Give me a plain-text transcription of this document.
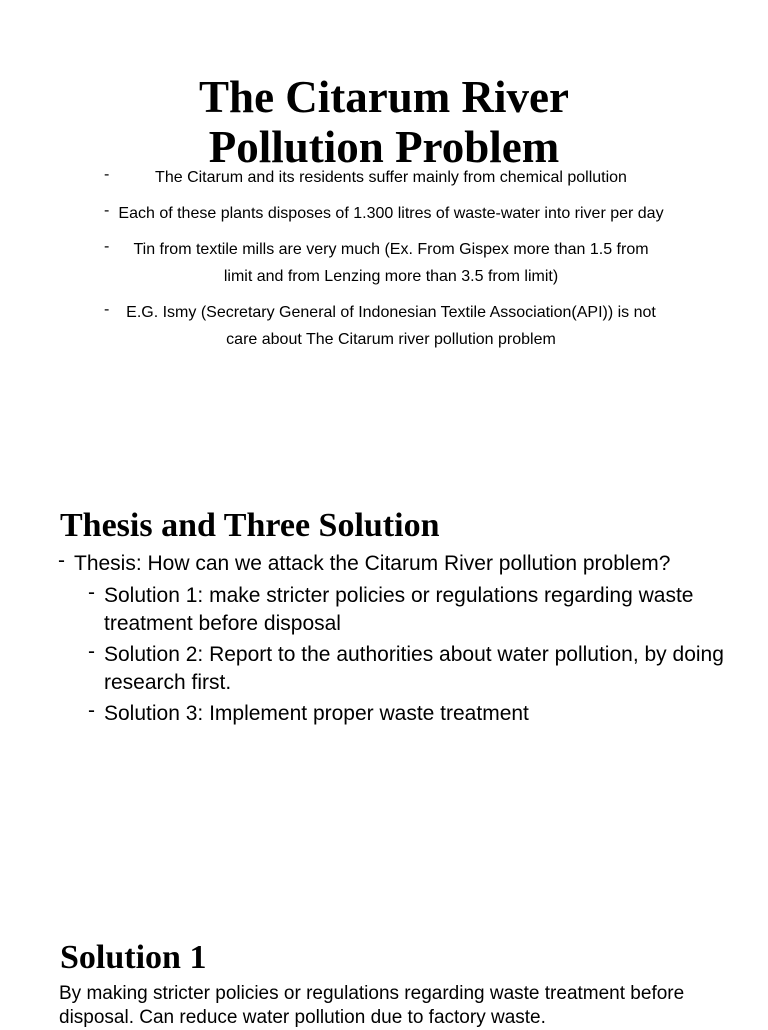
The Citarum River
Pollution Problem
-	The Citarum and its residents suffer mainly from chemical pollution
- Each of these plants disposes of 1.300 litres of waste-water into river per day
- Tin from textile mills are very much (Ex. From Gispex more than 1.5 from limit and from Lenzing more than 3.5 from limit)
- E.G. Ismy (Secretary General of Indonesian Textile Association(API)) is not care about The Citarum river pollution problem
Thesis and Three Solution
- Thesis: How can we attack the Citarum River pollution problem?
- Solution 1: make stricter policies or regulations regarding waste treatment before disposal
- Solution 2: Report to the authorities about water pollution, by doing research first.
- Solution 3: Implement proper waste treatment
Solution 1

By making stricter policies or regulations regarding waste treatment before disposal. Can reduce water pollution due to factory waste.
